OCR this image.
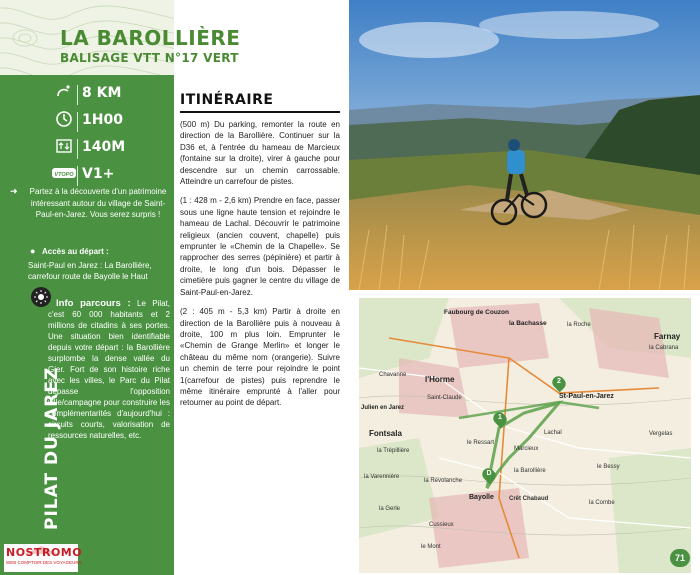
LA BAROLLIÈRE
BALISAGE VTT N°17 VERT
8 KM
1H00
140M
VTOPO V1+
➜ Partez à la découverte d'un patrimoine intéressant autour du village de Saint-Paul-en-Jarez. Vous serez surpris !
● Accès au départ :
Saint-Paul en Jarez : La Barollière, carrefour route de Bayolle le Haut
Info parcours : Le Pilat, c'est 60 000 habitants et 2 millions de citadins à ses portes. Une situation bien identifiable depuis votre départ : la Barollière surplombe la dense vallée du Gier. Fort de son histoire riche avec les villes, le Parc du Pilat dépasse l'opposition ville/campagne pour construire les complémentarités d'aujourd'hui : circuits courts, valorisation de ressources naturelles, etc.
PILAT DU JAREZ
NOSTROMO
WEB COMPTOIR DES VOYAGEURS
ITINÉRAIRE

(500 m) Du parking, remonter la route en direction de la Barollière. Continuer sur la D36 et, à l'entrée du hameau de Marcieux (fontaine sur la droite), virer à gauche pour descendre sur un chemin carrossable. Atteindre un carrefour de pistes.

(1 : 428 m - 2,6 km) Prendre en face, passer sous une ligne haute tension et rejoindre le hameau de Lachal. Découvrir le patrimoine religieux (ancien couvent, chapelle) puis emprunter le «Chemin de la Chapelle». Se rapprocher des serres (pépinière) et partir à droite, le long d'un bois. Dépasser le cimetière puis gagner le centre du village de Saint-Paul-en-Jarez.

(2 : 405 m - 5,3 km) Partir à droite en direction de la Barollière puis à nouveau à droite, 100 m plus loin. Emprunter le «Chemin de Grange Merlin» et longer le château du même nom (orangerie). Suivre un chemin de terre pour rejoindre le point 1(carrefour de pistes) puis reprendre le même itinéraire emprunté à l'aller pour retourner au point de départ.

Faubourg de Couzon
la Bachasse
Farnay
l'Horme
St-Paul-en-Jarez
Fontsala
Bayolle
Julien en Jarez
Marcieux
la Cabrana
Saint-Claude
la Roche
Chavanne
le Ressart
Lachal
la Barollière
la Trépillière
la Varennière
la Revolanche
le Mont
Cussieux
la Gerle
Crêt Chabaud
la Combe
Vergelas
le Bessy
D
1
2
71
